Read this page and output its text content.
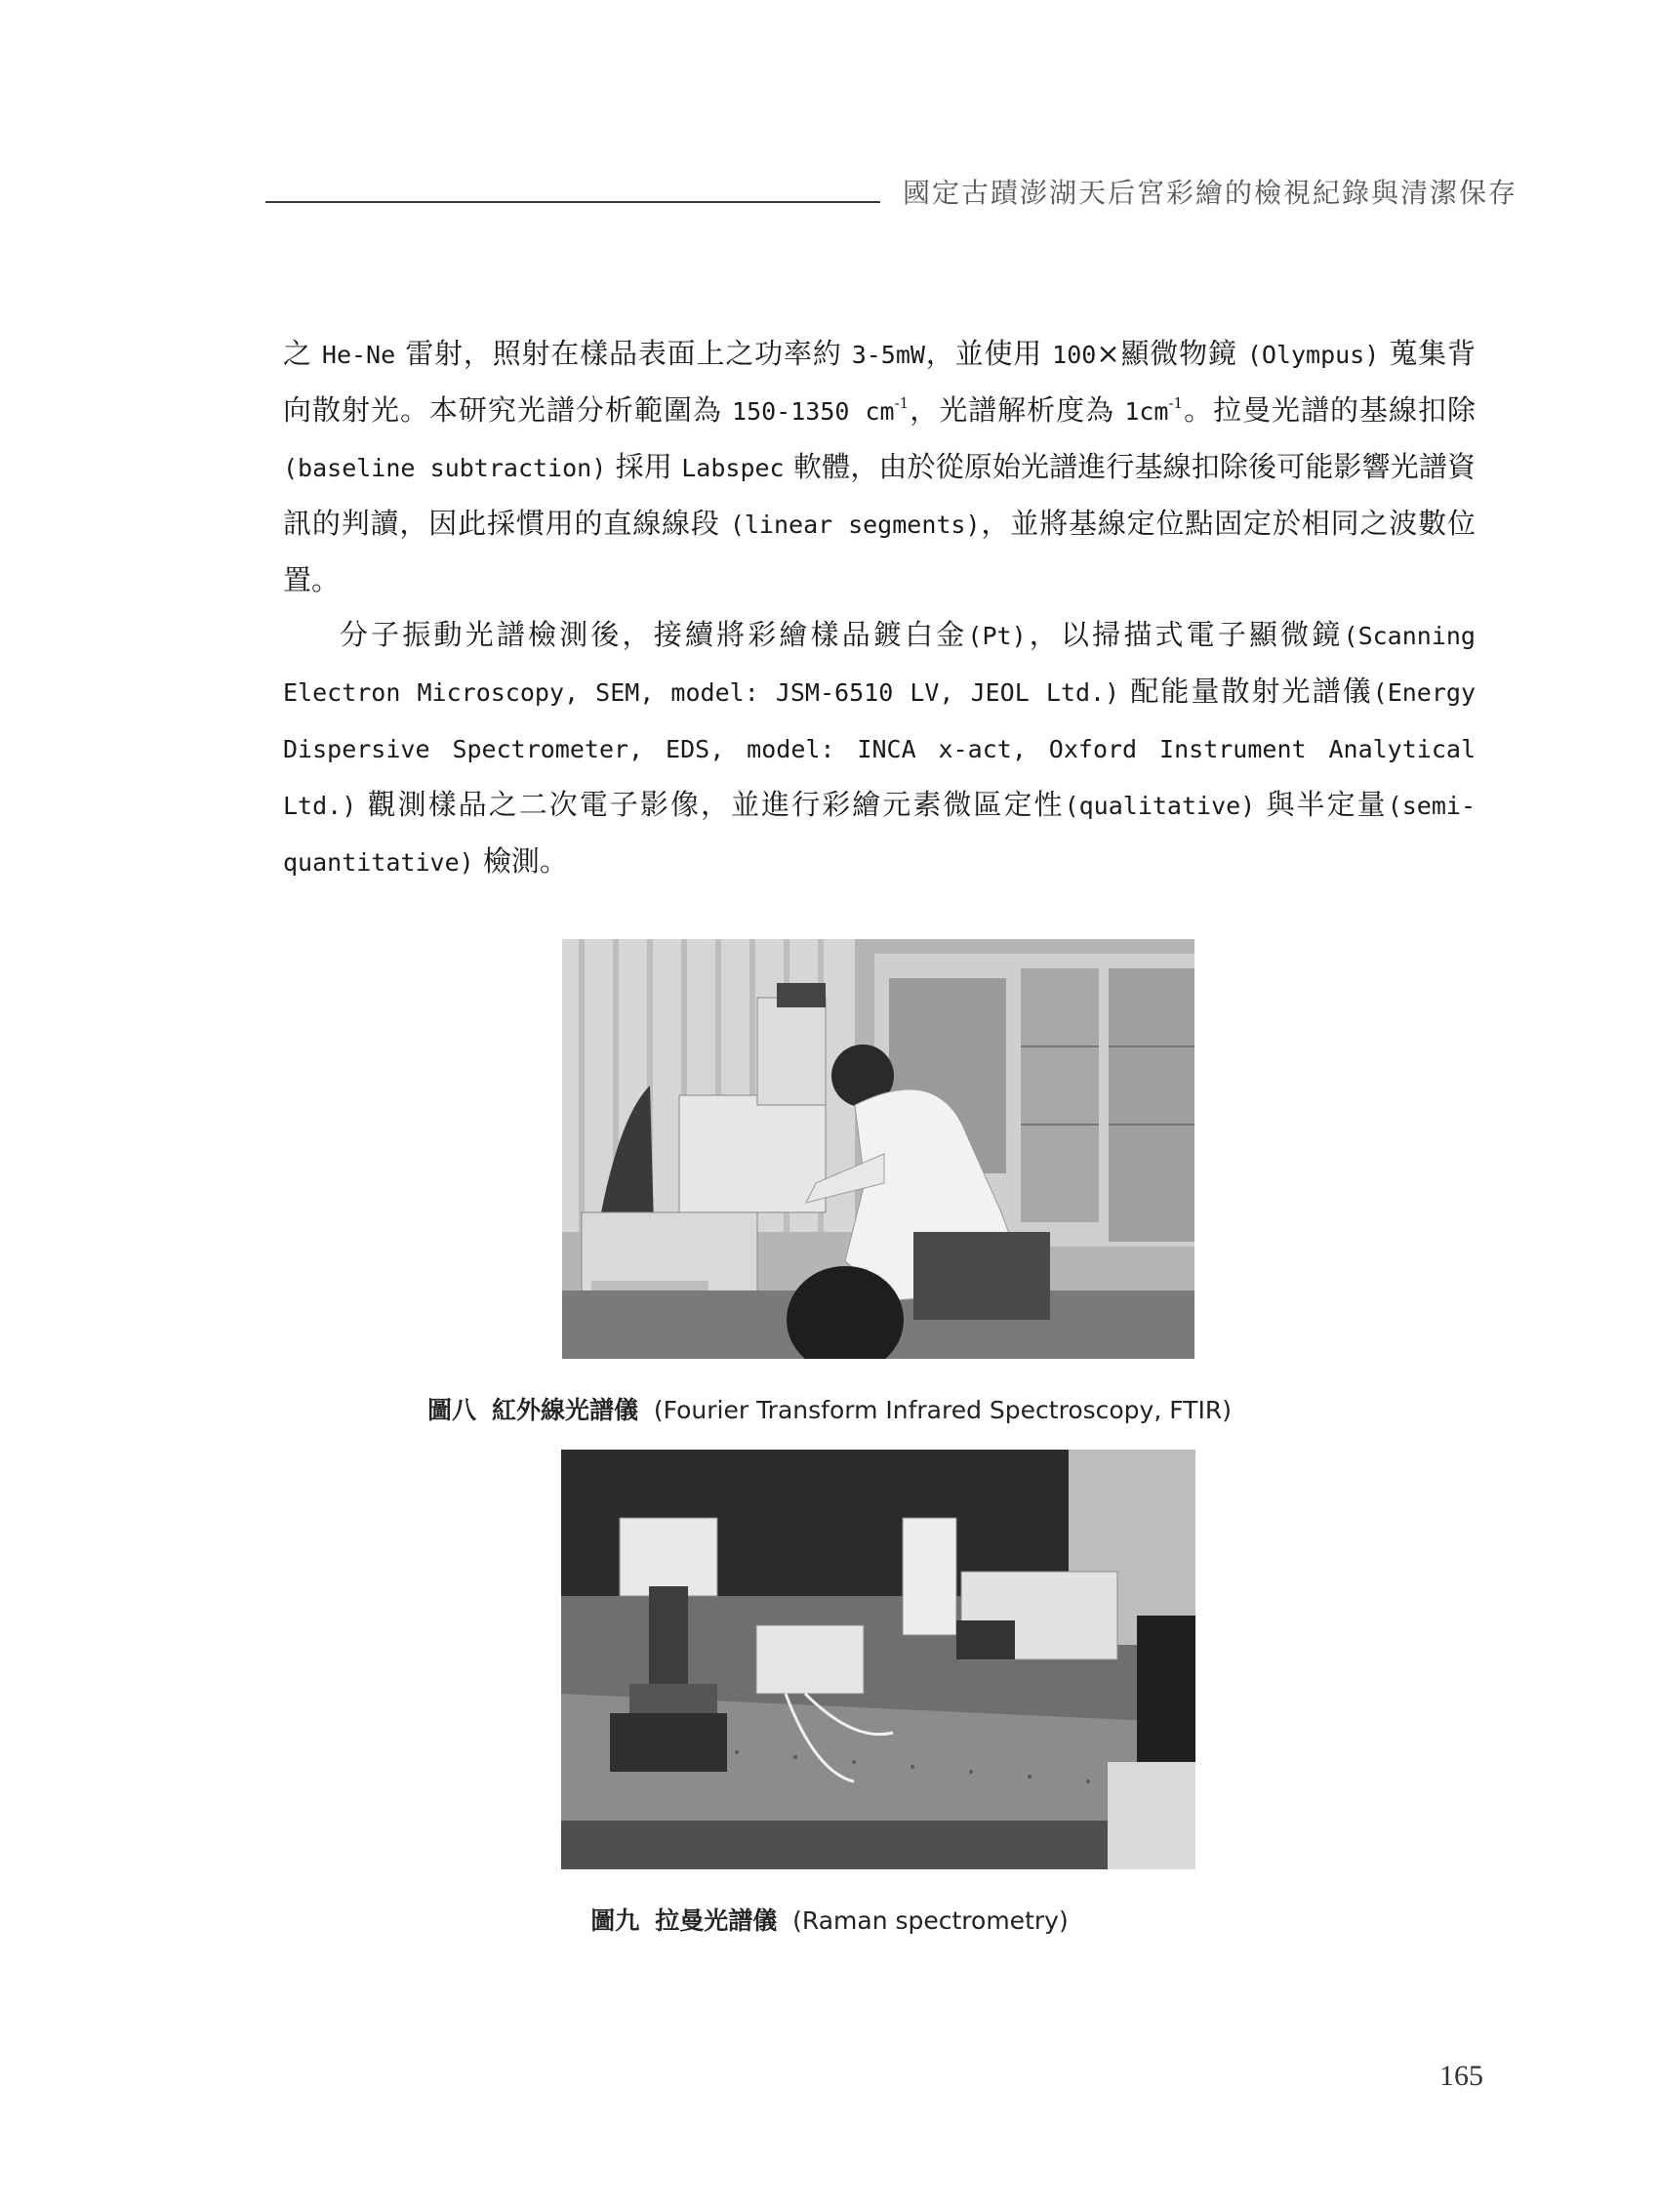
國定古蹟澎湖天后宮彩繪的檢視紀錄與清潔保存

之 He-Ne 雷射，照射在樣品表面上之功率約 3-5mW，並使用 100×顯微物鏡 (Olympus) 蒐集背向散射光。本研究光譜分析範圍為 150-1350 $cm^{-1}$，光譜解析度為 $1cm^{-1}$。拉曼光譜的基線扣除(baseline subtraction) 採用 Labspec 軟體，由於從原始光譜進行基線扣除後可能影響光譜資訊的判讀，因此採慣用的直線線段 (linear segments)，並將基線定位點固定於相同之波數位置。

分子振動光譜檢測後，接續將彩繪樣品鍍白金(Pt)，以掃描式電子顯微鏡(Scanning Electron Microscopy, SEM, model: JSM-6510 LV, JEOL Ltd.) 配能量散射光譜儀(Energy Dispersive Spectrometer, EDS, model: INCA x-act, Oxford Instrument Analytical Ltd.) 觀測樣品之二次電子影像，並進行彩繪元素微區定性(qualitative) 與半定量(semi-quantitative) 檢測。

圖八 紅外線光譜儀 (Fourier Transform Infrared Spectroscopy, FTIR)
圖九 拉曼光譜儀 (Raman spectrometry)
165
